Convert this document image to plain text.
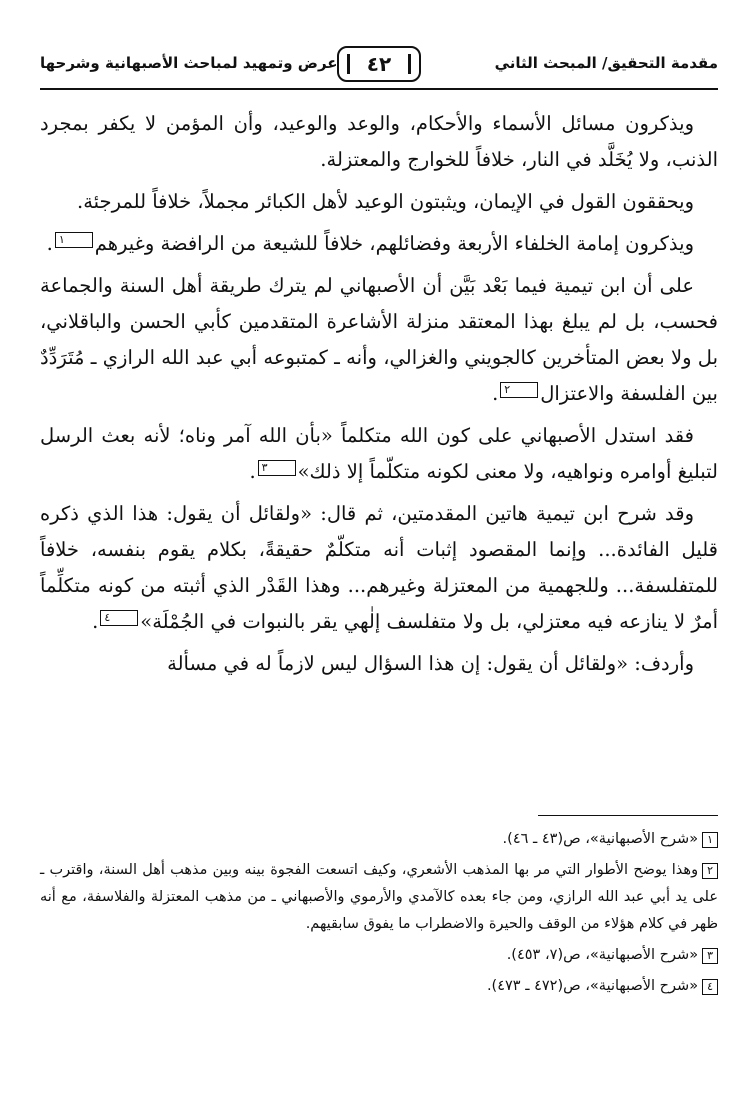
مقدمة التحقيق/ المبحث الثاني
٤٢
عرض وتمهيد لمباحث الأصبهانية وشرحها

ويذكرون مسائل الأسماء والأحكام، والوعد والوعيد، وأن المؤمن لا يكفر بمجرد الذنب، ولا يُخَلَّد في النار، خلافاً للخوارج والمعتزلة.

ويحققون القول في الإيمان، ويثبتون الوعيد لأهل الكبائر مجملاً، خلافاً للمرجئة.

ويذكرون إمامة الخلفاء الأربعة وفضائلهم، خلافاً للشيعة من الرافضة وغيرهم١.

على أن ابن تيمية فيما بَعْد بَيَّن أن الأصبهاني لم يترك طريقة أهل السنة والجماعة فحسب، بل لم يبلغ بهذا المعتقد منزلة الأشاعرة المتقدمين كأبي الحسن والباقلاني، بل ولا بعض المتأخرين كالجويني والغزالي، وأنه ـ كمتبوعه أبي عبد الله الرازي ـ مُتَرَدِّدٌ بين الفلسفة والاعتزال٢.

فقد استدل الأصبهاني على كون الله متكلماً «بأن الله آمر وناه؛ لأنه بعث الرسل لتبليغ أوامره ونواهيه، ولا معنى لكونه متكلّماً إلا ذلك»٣.

وقد شرح ابن تيمية هاتين المقدمتين، ثم قال: «ولقائل أن يقول: هذا الذي ذكره قليل الفائدة... وإنما المقصود إثبات أنه متكلّمٌ حقيقةً، بكلام يقوم بنفسه، خلافاً للمتفلسفة... وللجهمية من المعتزلة وغيرهم... وهذا القَدْر الذي أثبته من كونه متكلِّماً أمرٌ لا ينازعه فيه معتزلي، بل ولا متفلسف إلٰهي يقر بالنبوات في الجُمْلَة»٤.

وأردف: «ولقائل أن يقول: إن هذا السؤال ليس لازماً له في مسألة

١«شرح الأصبهانية»، ص(٤٣ ـ ٤٦).

٢وهذا يوضح الأطوار التي مر بها المذهب الأشعري، وكيف اتسعت الفجوة بينه وبين مذهب أهل السنة، واقترب ـ على يد أبي عبد الله الرازي، ومن جاء بعده كالآمدي والأرموي والأصبهاني ـ من مذهب المعتزلة والفلاسفة، مع أنه ظهر في كلام هؤلاء من الوقف والحيرة والاضطراب ما يفوق سابقيهم.

٣«شرح الأصبهانية»، ص(٧، ٤٥٣).

٤«شرح الأصبهانية»، ص(٤٧٢ ـ ٤٧٣).
